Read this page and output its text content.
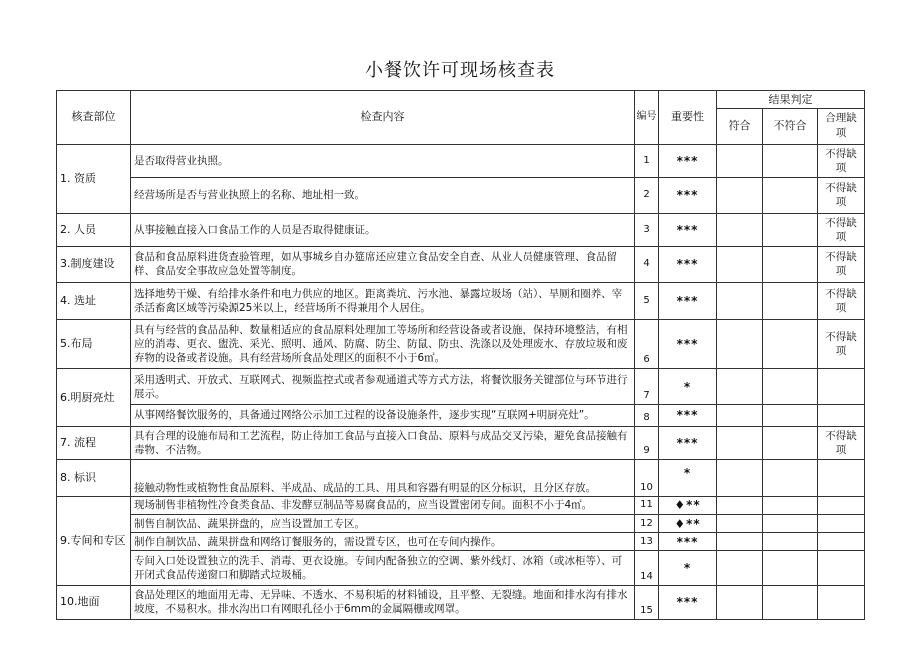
小餐饮许可现场核查表
核查部位	检查内容	编号	重要性	结果判定		
				符合	不符合	合理缺项
1. 资质	是否取得营业执照。	1	***			不得缺项
	经营场所是否与营业执照上的名称、地址相一致。	2	***			不得缺项
2. 人员	从事接触直接入口食品工作的人员是否取得健康证。	3	***			不得缺项
3.制度建设	食品和食品原料进货查验管理，如从事城乡自办筵席还应建立食品安全自查、从业人员健康管理、食品留样、食品安全事故应急处置等制度。	4	***			不得缺项
4. 选址	选择地势干燥、有给排水条件和电力供应的地区。距离粪坑、污水池、暴露垃圾场（站）、旱厕和圈养、宰杀活畜禽区域等污染源25米以上，经营场所不得兼用个人居住。	5	***			不得缺项
5.布局	具有与经营的食品品种、数量相适应的食品原料处理加工等场所和经营设备或者设施，保持环境整洁，有相应的消毒、更衣、盥洗、采光、照明、通风、防腐、防尘、防鼠、防虫、洗涤以及处理废水、存放垃圾和废弃物的设备或者设施。具有经营场所食品处理区的面积不小于6㎡。	6	***			不得缺项
6.明厨亮灶	采用透明式、开放式、互联网式、视频监控式或者参观通道式等方式方法，将餐饮服务关键部位与环节进行展示。	7	*			
	从事网络餐饮服务的，具备通过网络公示加工过程的设备设施条件，逐步实现“互联网+明厨亮灶”。	8	***			
7. 流程	具有合理的设施布局和工艺流程，防止待加工食品与直接入口食品、原料与成品交叉污染，避免食品接触有毒物、不洁物。	9	***			不得缺项
8. 标识	接触动物性或植物性食品原料、半成品、成品的工具、用具和容器有明显的区分标识，且分区存放。	10	*			
9.专间和专区	现场制售非植物性冷食类食品、非发酵豆制品等易腐食品的，应当设置密闭专间。面积不小于4㎡。	11	♦**			
	制售自制饮品、蔬果拼盘的，应当设置加工专区。	12	♦**			
	制作自制饮品、蔬果拼盘和网络订餐服务的，需设置专区，也可在专间内操作。	13	***			
	专间入口处设置独立的洗手、消毒、更衣设施。专间内配备独立的空调、紫外线灯、冰箱（或冰柜等）、可开闭式食品传递窗口和脚踏式垃圾桶。	14	*			
10.地面	食品处理区的地面用无毒、无异味、不透水、不易积垢的材料铺设，且平整、无裂缝。地面和排水沟有排水坡度，不易积水。排水沟出口有网眼孔径小于6mm的金属隔栅或网罩。	15	***			
